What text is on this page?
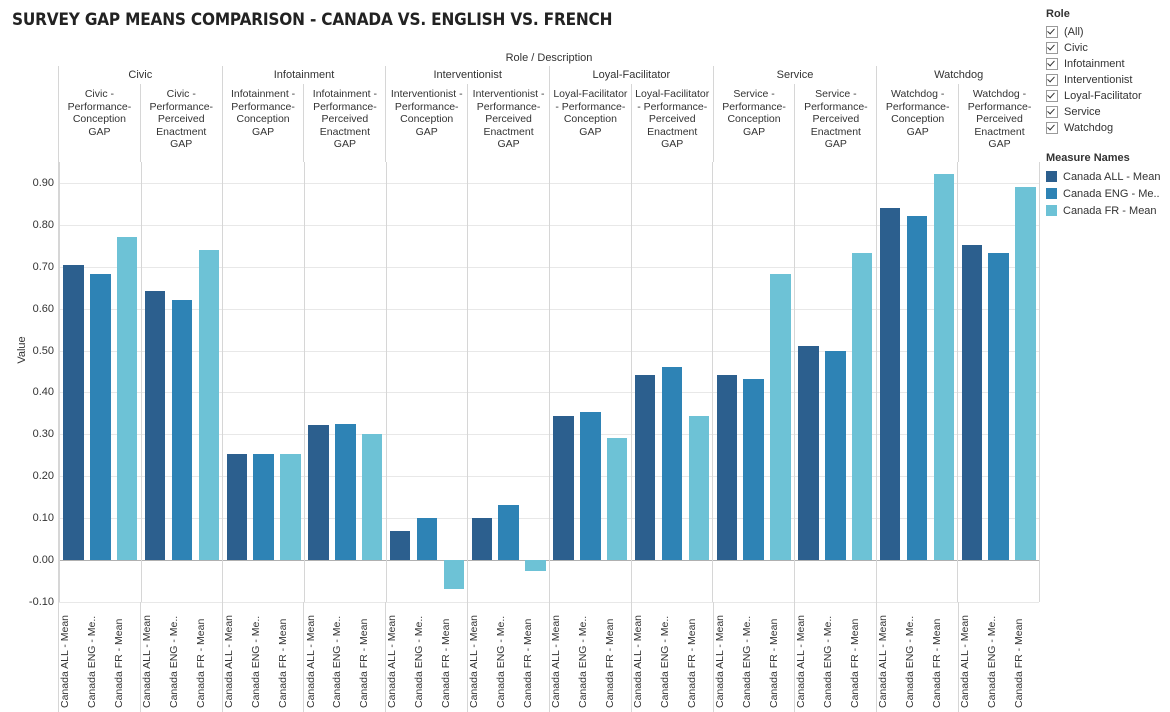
SURVEY GAP MEANS COMPARISON - CANADA VS. ENGLISH VS. FRENCH
Role / Description
Civic	Infotainment	Interventionist	Loyal-Facilitator	Service	Watchdog
Civic - Performance-Conception GAP
Civic - Performance-Perceived Enactment GAP
Infotainment - Performance-Conception GAP
Infotainment - Performance-Perceived Enactment GAP
Interventionist - Performance-Conception GAP
Interventionist - Performance-Perceived Enactment GAP
Loyal-Facilitator - Performance-Conception GAP
Loyal-Facilitator - Performance-Perceived Enactment GAP
Service - Performance-Conception GAP
Service - Performance-Perceived Enactment GAP
Watchdog - Performance-Conception GAP
Watchdog - Performance-Perceived Enactment GAP
0.90
0.80
0.70
0.60
0.50
0.40
0.30
0.20
0.10
0.00
-0.10
Value
Canada ALL - Mean	Canada ENG - Me..	Canada FR - Mean	Canada ALL - Mean	Canada ENG - Me..	Canada FR - Mean	Canada ALL - Mean	Canada ENG - Me..	Canada FR - Mean	Canada ALL - Mean	Canada ENG - Me..	Canada FR - Mean	Canada ALL - Mean	Canada ENG - Me..	Canada FR - Mean	Canada ALL - Mean	Canada ENG - Me..	Canada FR - Mean	Canada ALL - Mean	Canada ENG - Me..	Canada FR - Mean	Canada ALL - Mean	Canada ENG - Me..	Canada FR - Mean	Canada ALL - Mean	Canada ENG - Me..	Canada FR - Mean	Canada ALL - Mean	Canada ENG - Me..	Canada FR - Mean	Canada ALL - Mean	Canada ENG - Me..	Canada FR - Mean	Canada ALL - Mean	Canada ENG - Me..	Canada FR - Mean
Role
(All)
Civic
Infotainment
Interventionist
Loyal-Facilitator
Service
Watchdog
Measure Names
Canada ALL - Mean
Canada ENG - Me..
Canada FR - Mean
